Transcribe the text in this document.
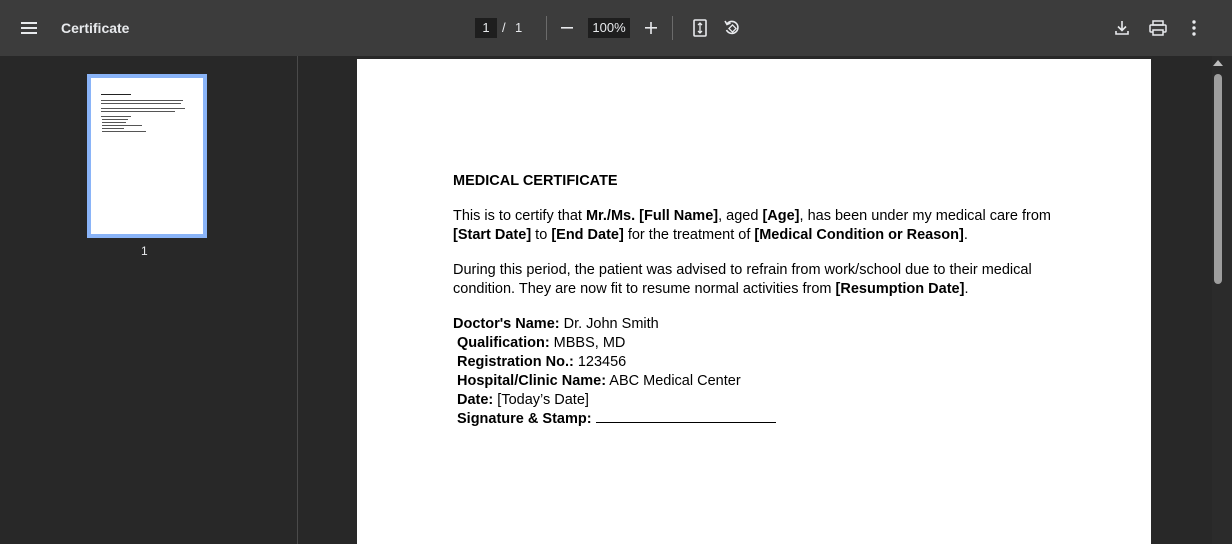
Certificate	1 / 1	100%
1
MEDICAL CERTIFICATE

This is to certify that Mr./Ms. [Full Name], aged [Age], has been under my medical care from [Start Date] to [End Date] for the treatment of [Medical Condition or Reason].

During this period, the patient was advised to refrain from work/school due to their medical condition. They are now fit to resume normal activities from [Resumption Date].

Doctor's Name: Dr. John Smith
Qualification: MBBS, MD
Registration No.: 123456
Hospital/Clinic Name: ABC Medical Center
Date: [Today’s Date]
Signature & Stamp:
